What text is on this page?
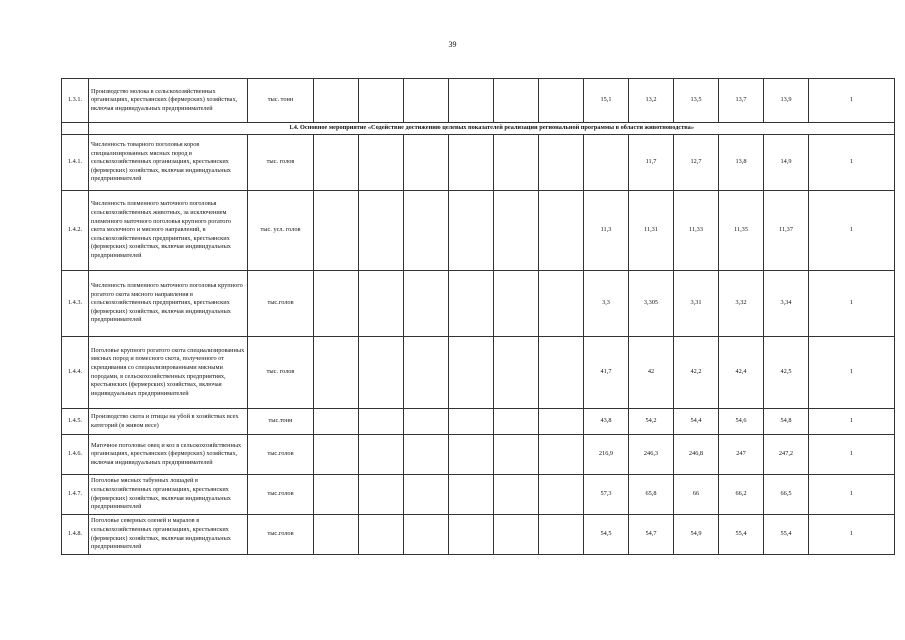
39
1.3.1.	Производство молока в сельскохозяйственных организациях, крестьянских (фермерских) хозяйствах, включая индивидуальных предпринимателей	тыс. тонн							15,1	13,2	13,5	13,7	13,9	1
	1.4. Основное мероприятие «Содействие достижению целевых показателей реализации региональной программы в области животноводства»													
1.4.1.	Численность товарного поголовья коров специализированных мясных пород в сельскохозяйственных организациях, крестьянских (фермерских) хозяйствах, включая индивидуальных предпринимателей	тыс. голов								11,7	12,7	13,8	14,9	1
1.4.2.	Численность племенного маточного поголовья сельскохозяйственных животных, за исключением племенного маточного поголовья крупного рогатого скота молочного и мясного направлений, в сельскохозяйственных предприятиях, крестьянских (фермерских) хозяйствах, включая индивидуальных предпринимателей	тыс. усл. голов							11,3	11,31	11,33	11,35	11,37	1
1.4.3.	Численность племенного маточного поголовья крупного рогатого скота мясного направления в сельскохозяйственных предприятиях, крестьянских (фермерских) хозяйствах, включая индивидуальных предпринимателей	тыс.голов							3,3	3,305	3,31	3,32	3,34	1
1.4.4.	Поголовье крупного рогатого скота специализированных мясных пород и помесного скота, полученного от скрещивания со специализированными мясными породами, в сельскохозяйственных предприятиях, крестьянских (фермерских) хозяйствах, включая индивидуальных предпринимателей	тыс. голов							41,7	42	42,2	42,4	42,5	1
1.4.5.	Производство скота и птицы на убой в хозяйствах всех категорий (в живом весе)	тыс.тонн							43,8	54,2	54,4	54,6	54,8	1
1.4.6.	Маточное поголовье овец и коз в сельскохозяйственных организациях, крестьянских (фермерских) хозяйствах, включая индивидуальных предпринимателей	тыс.голов							216,9	246,3	246,8	247	247,2	1
1.4.7.	Поголовье мясных табунных лошадей в сельскохозяйственных организациях, крестьянских (фермерских) хозяйствах, включая индивидуальных предпринимателей	тыс.голов							57,3	65,8	66	66,2	66,5	1
1.4.8.	Поголовье северных оленей и маралов в сельскохозяйственных организациях, крестьянских (фермерских) хозяйствах, включая индивидуальных предпринимателей	тыс.голов							54,5	54,7	54,9	55,4	55,4	1
